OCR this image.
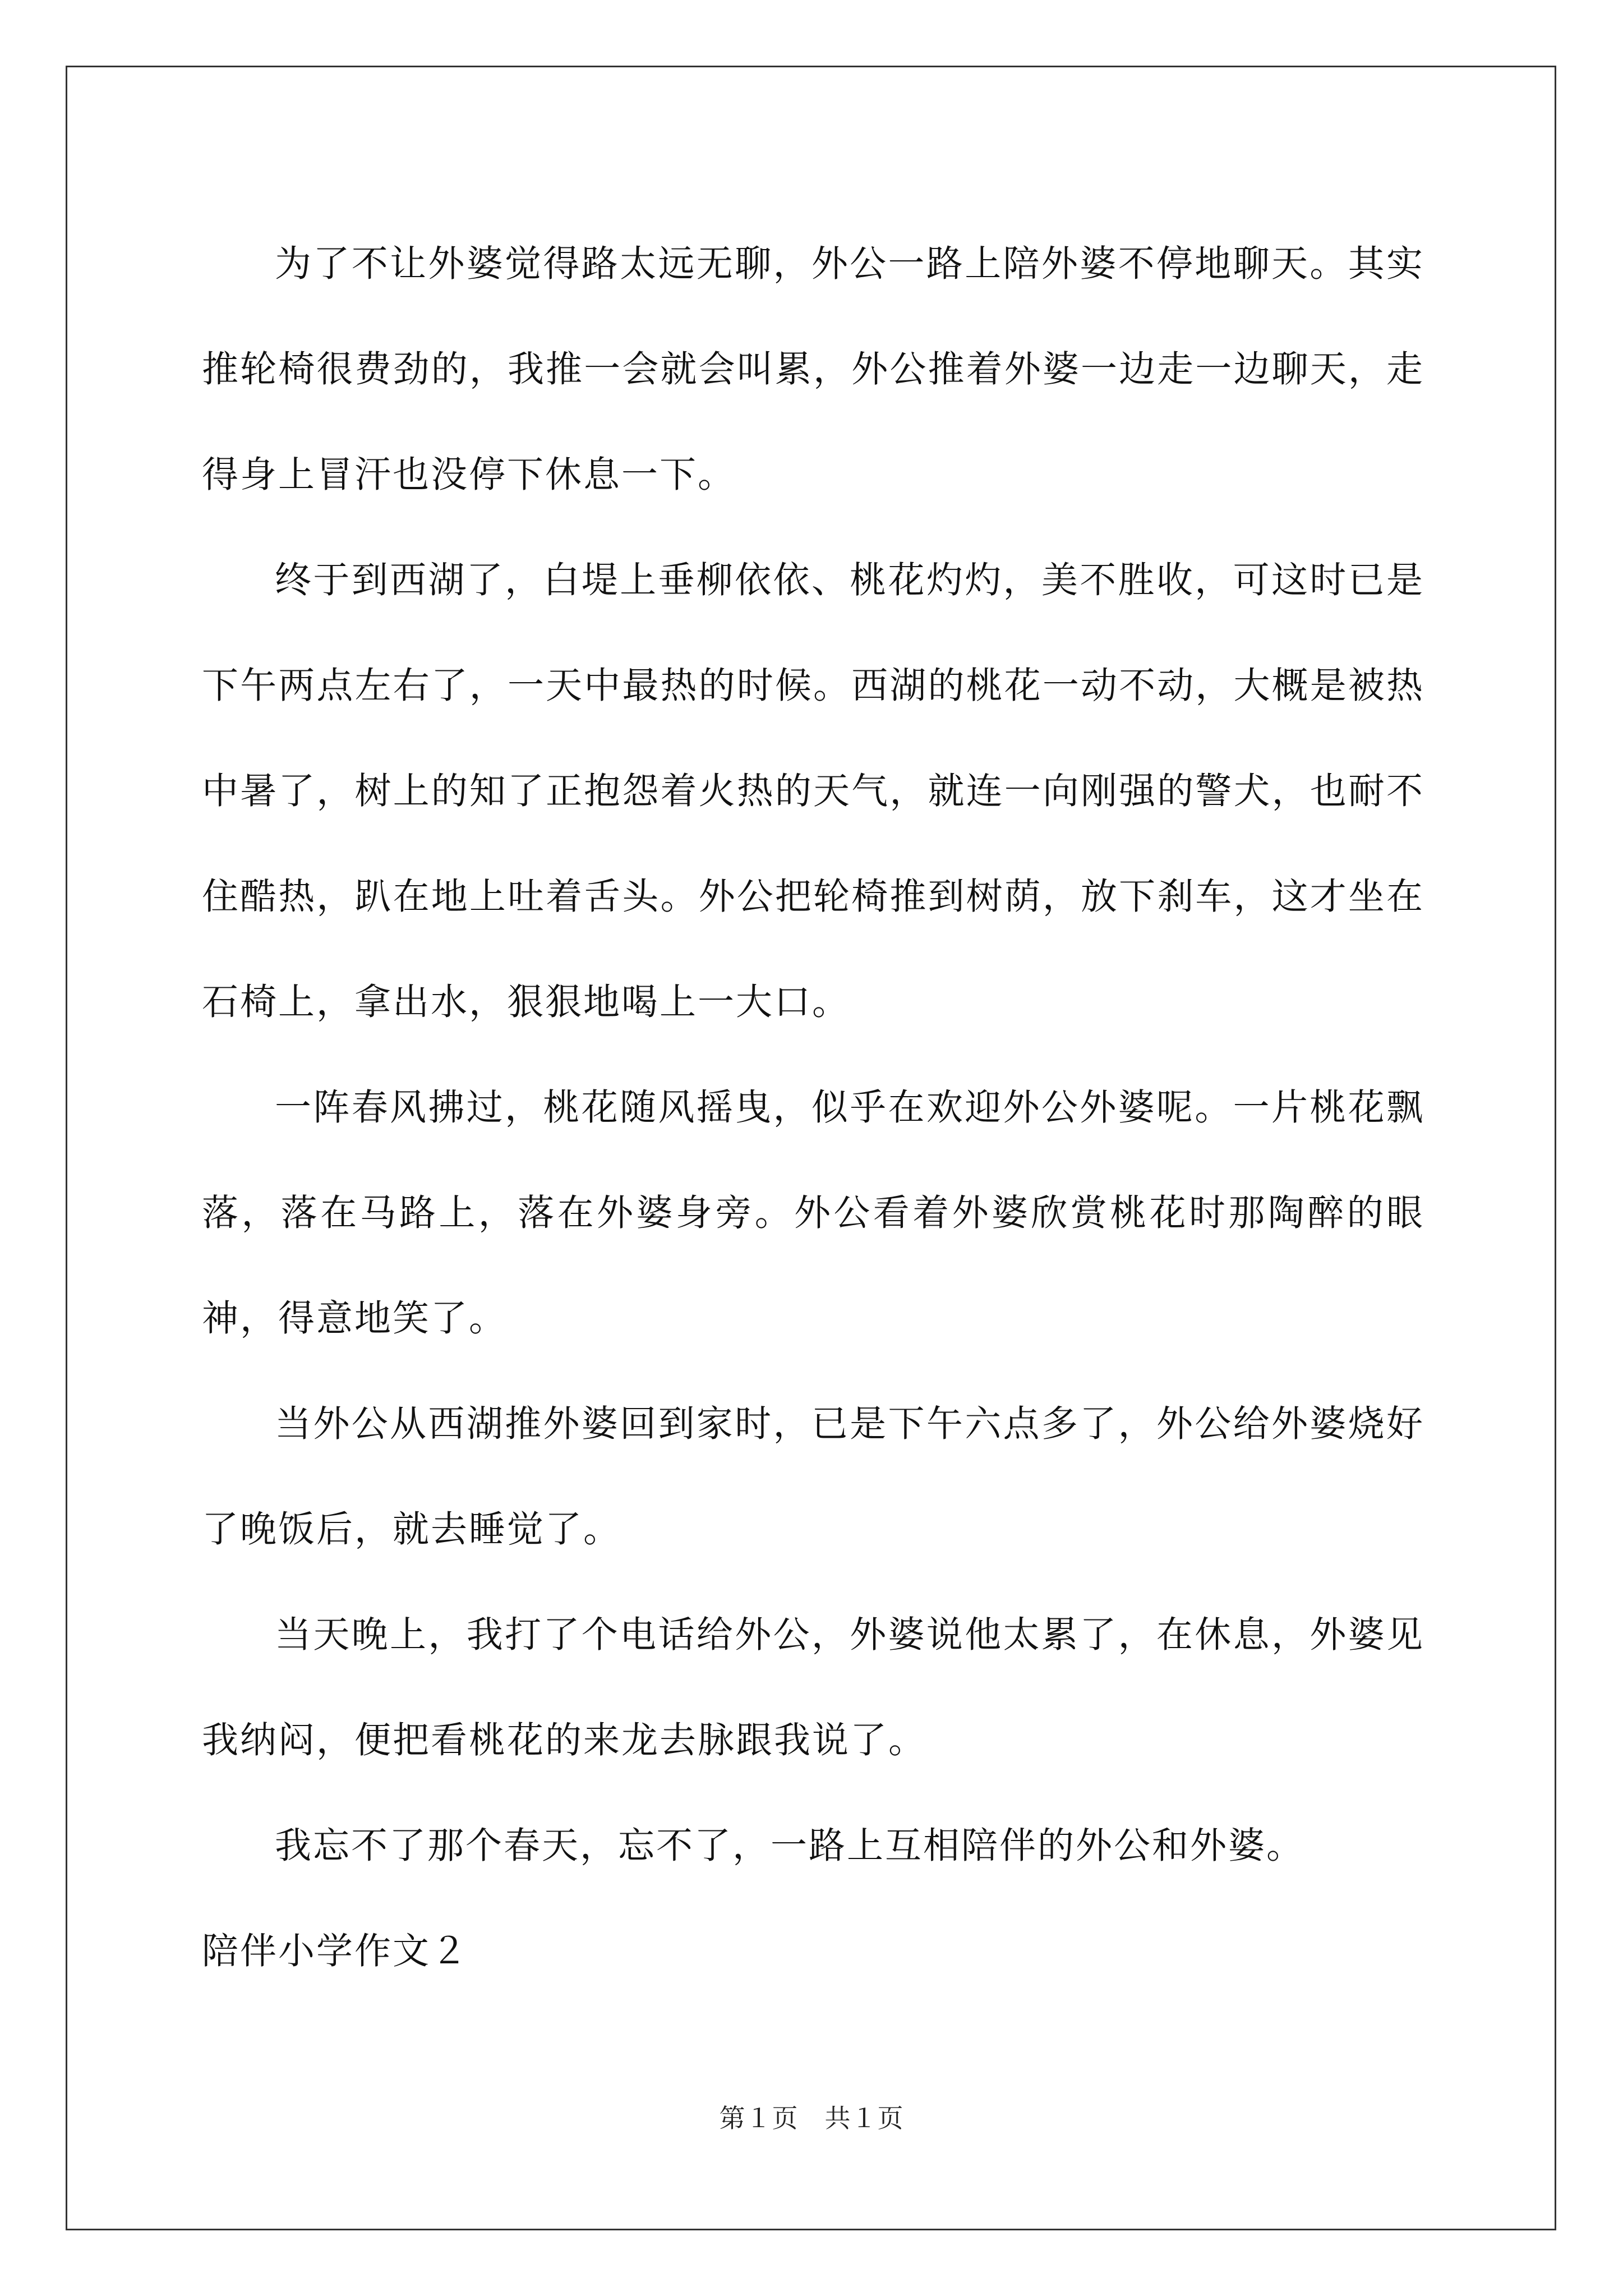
为了不让外婆觉得路太远无聊，外公一路上陪外婆不停地聊天。其实推轮椅很费劲的，我推一会就会叫累，外公推着外婆一边走一边聊天，走得身上冒汗也没停下休息一下。

终于到西湖了，白堤上垂柳依依、桃花灼灼，美不胜收，可这时已是下午两点左右了，一天中最热的时候。西湖的桃花一动不动，大概是被热中暑了，树上的知了正抱怨着火热的天气，就连一向刚强的警犬，也耐不住酷热，趴在地上吐着舌头。外公把轮椅推到树荫，放下刹车，这才坐在石椅上，拿出水，狠狠地喝上一大口。

一阵春风拂过，桃花随风摇曳，似乎在欢迎外公外婆呢。一片桃花飘落，落在马路上，落在外婆身旁。外公看着外婆欣赏桃花时那陶醉的眼神，得意地笑了。

当外公从西湖推外婆回到家时，已是下午六点多了，外公给外婆烧好了晚饭后，就去睡觉了。

当天晚上，我打了个电话给外公，外婆说他太累了，在休息，外婆见我纳闷，便把看桃花的来龙去脉跟我说了。

我忘不了那个春天，忘不了，一路上互相陪伴的外公和外婆。

陪伴小学作文２

第１页　共１页
